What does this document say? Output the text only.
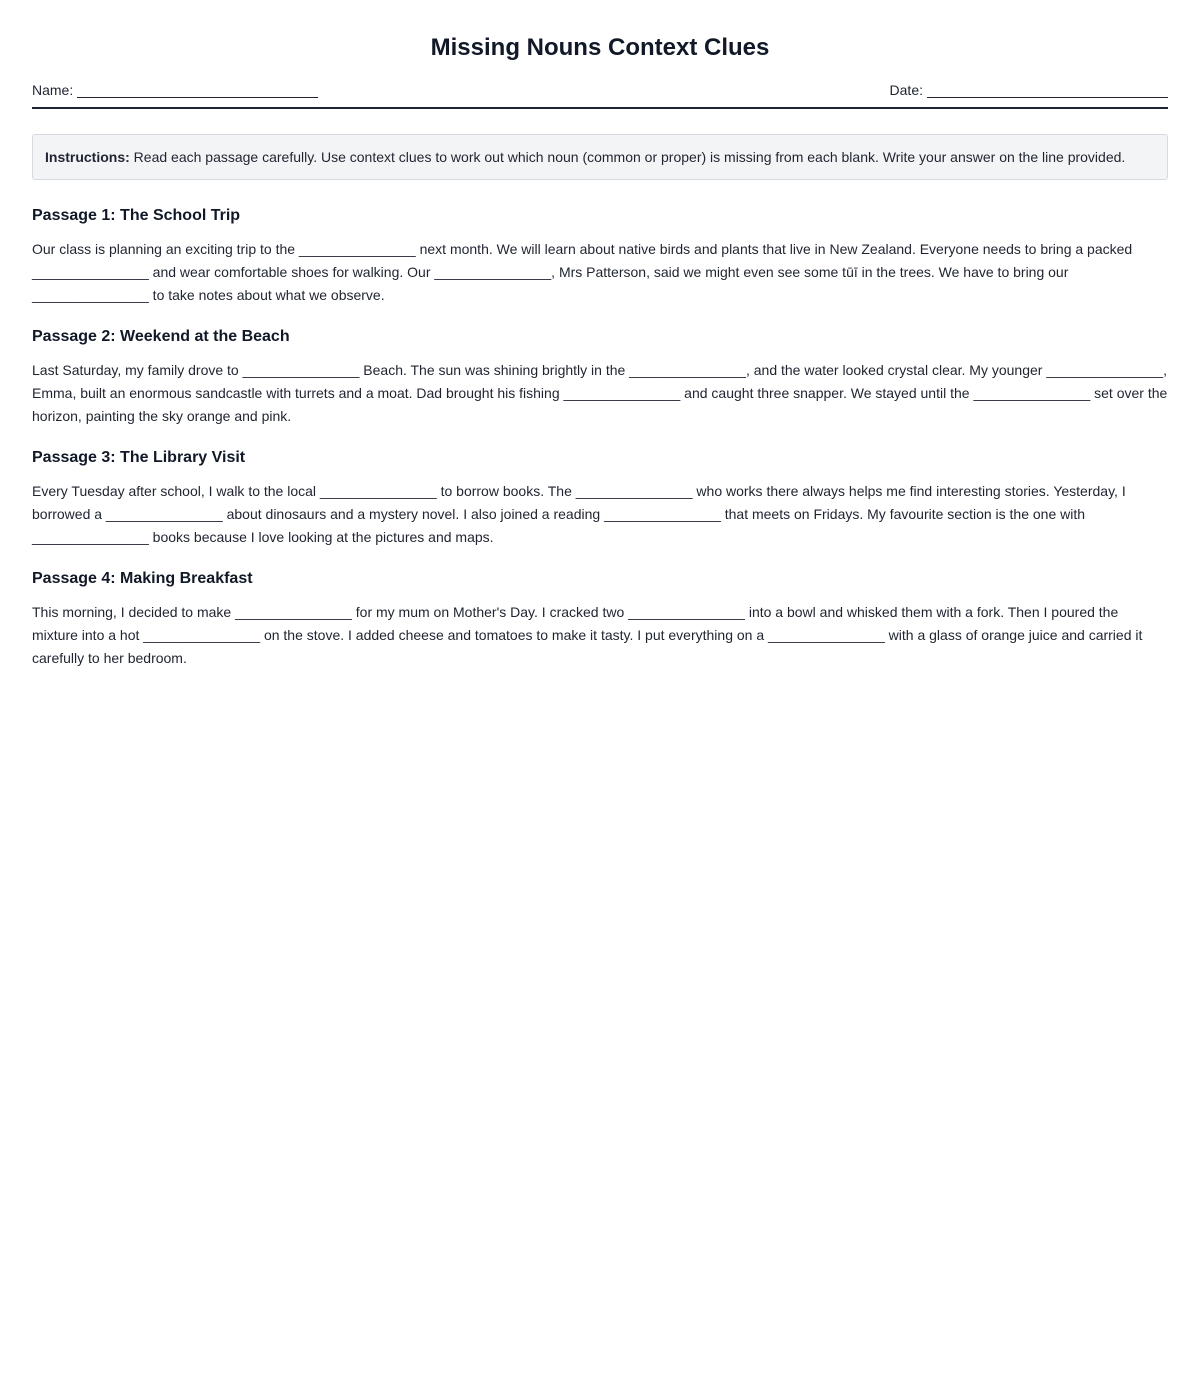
Missing Nouns Context Clues
Name:	Date:
Instructions: Read each passage carefully. Use context clues to work out which noun (common or proper) is missing from each blank. Write your answer on the line provided.
Passage 1: The School Trip

Our class is planning an exciting trip to the _______________ next month. We will learn about native birds and plants that live in New Zealand. Everyone needs to bring a packed _______________ and wear comfortable shoes for walking. Our _______________, Mrs Patterson, said we might even see some tūī in the trees. We have to bring our _______________ to take notes about what we observe.

Passage 2: Weekend at the Beach

Last Saturday, my family drove to _______________ Beach. The sun was shining brightly in the _______________, and the water looked crystal clear. My younger _______________, Emma, built an enormous sandcastle with turrets and a moat. Dad brought his fishing _______________ and caught three snapper. We stayed until the _______________ set over the horizon, painting the sky orange and pink.

Passage 3: The Library Visit

Every Tuesday after school, I walk to the local _______________ to borrow books. The _______________ who works there always helps me find interesting stories. Yesterday, I borrowed a _______________ about dinosaurs and a mystery novel. I also joined a reading _______________ that meets on Fridays. My favourite section is the one with _______________ books because I love looking at the pictures and maps.

Passage 4: Making Breakfast

This morning, I decided to make _______________ for my mum on Mother's Day. I cracked two _______________ into a bowl and whisked them with a fork. Then I poured the mixture into a hot _______________ on the stove. I added cheese and tomatoes to make it tasty. I put everything on a _______________ with a glass of orange juice and carried it carefully to her bedroom.
